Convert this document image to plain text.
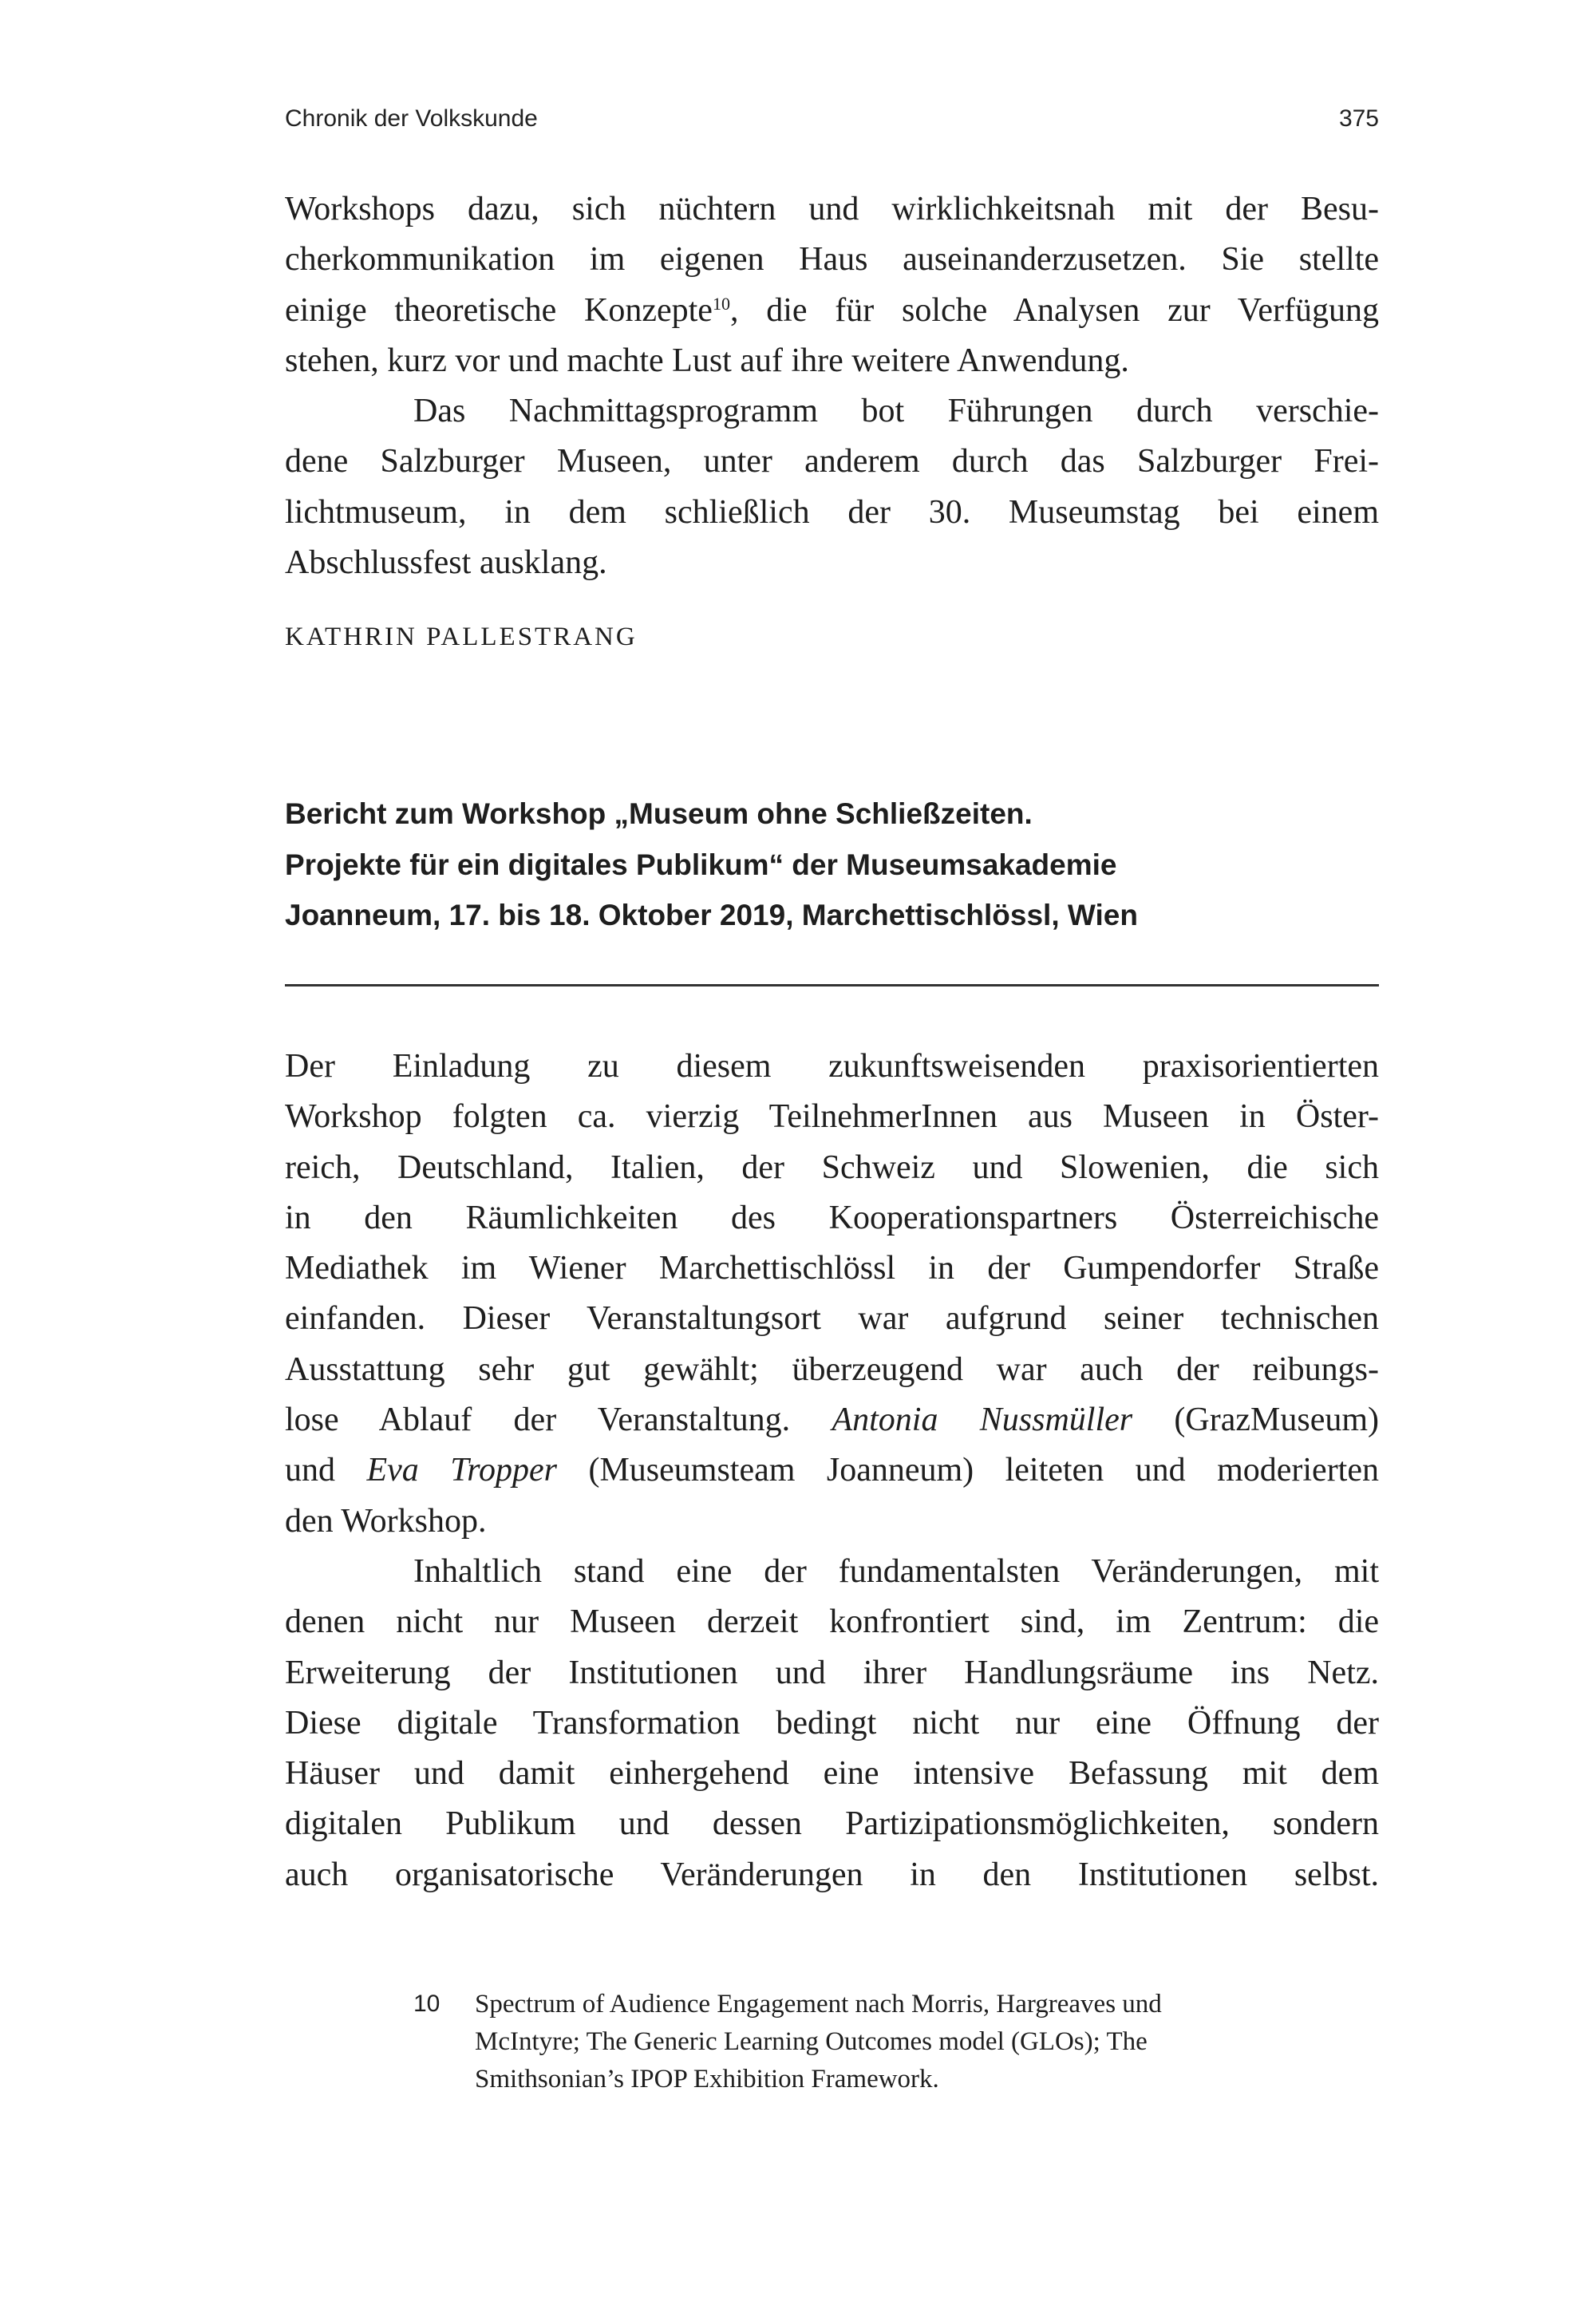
Chronik der Volkskunde	375
Workshops dazu, sich nüchtern und wirklichkeitsnah mit der Besu-
cherkommunikation im eigenen Haus auseinanderzusetzen. Sie stellte
einige theoretische Konzepte$^{10}$, die für solche Analysen zur Verfügung
stehen, kurz vor und machte Lust auf ihre weitere Anwendung.
Das Nachmittagsprogramm bot Führungen durch verschie-
dene Salzburger Museen, unter anderem durch das Salzburger Frei-
lichtmuseum, in dem schließlich der 30. Museumstag bei einem
Abschlussfest ausklang.
KATHRIN PALLESTRANG
Bericht zum Workshop „Museum ohne Schließzeiten.
Projekte für ein digitales Publikum“ der Museumsakademie
Joanneum, 17. bis 18. Oktober 2019, Marchettischlössl, Wien
Der Einladung zu diesem zukunftsweisenden praxisorientierten
Workshop folgten ca. vierzig TeilnehmerInnen aus Museen in Öster-
reich, Deutschland, Italien, der Schweiz und Slowenien, die sich
in den Räumlichkeiten des Kooperationspartners Österreichische
Mediathek im Wiener Marchettischlössl in der Gumpendorfer Straße
einfanden. Dieser Veranstaltungsort war aufgrund seiner technischen
Ausstattung sehr gut gewählt; überzeugend war auch der reibungs-
lose Ablauf der Veranstaltung. Antonia Nussmüller (GrazMuseum)
und Eva Tropper (Museumsteam Joanneum) leiteten und moderierten
den Workshop.
Inhaltlich stand eine der fundamentalsten Veränderungen, mit
denen nicht nur Museen derzeit konfrontiert sind, im Zentrum: die
Erweiterung der Institutionen und ihrer Handlungsräume ins Netz.
Diese digitale Transformation bedingt nicht nur eine Öffnung der
Häuser und damit einhergehend eine intensive Befassung mit dem
digitalen Publikum und dessen Partizipationsmöglichkeiten, sondern
auch organisatorische Veränderungen in den Institutionen selbst.
10 Spectrum of Audience Engagement nach Morris, Hargreaves und
McIntyre; The Generic Learning Outcomes model (GLOs); The
Smithsonian’s IPOP Exhibition Framework.
